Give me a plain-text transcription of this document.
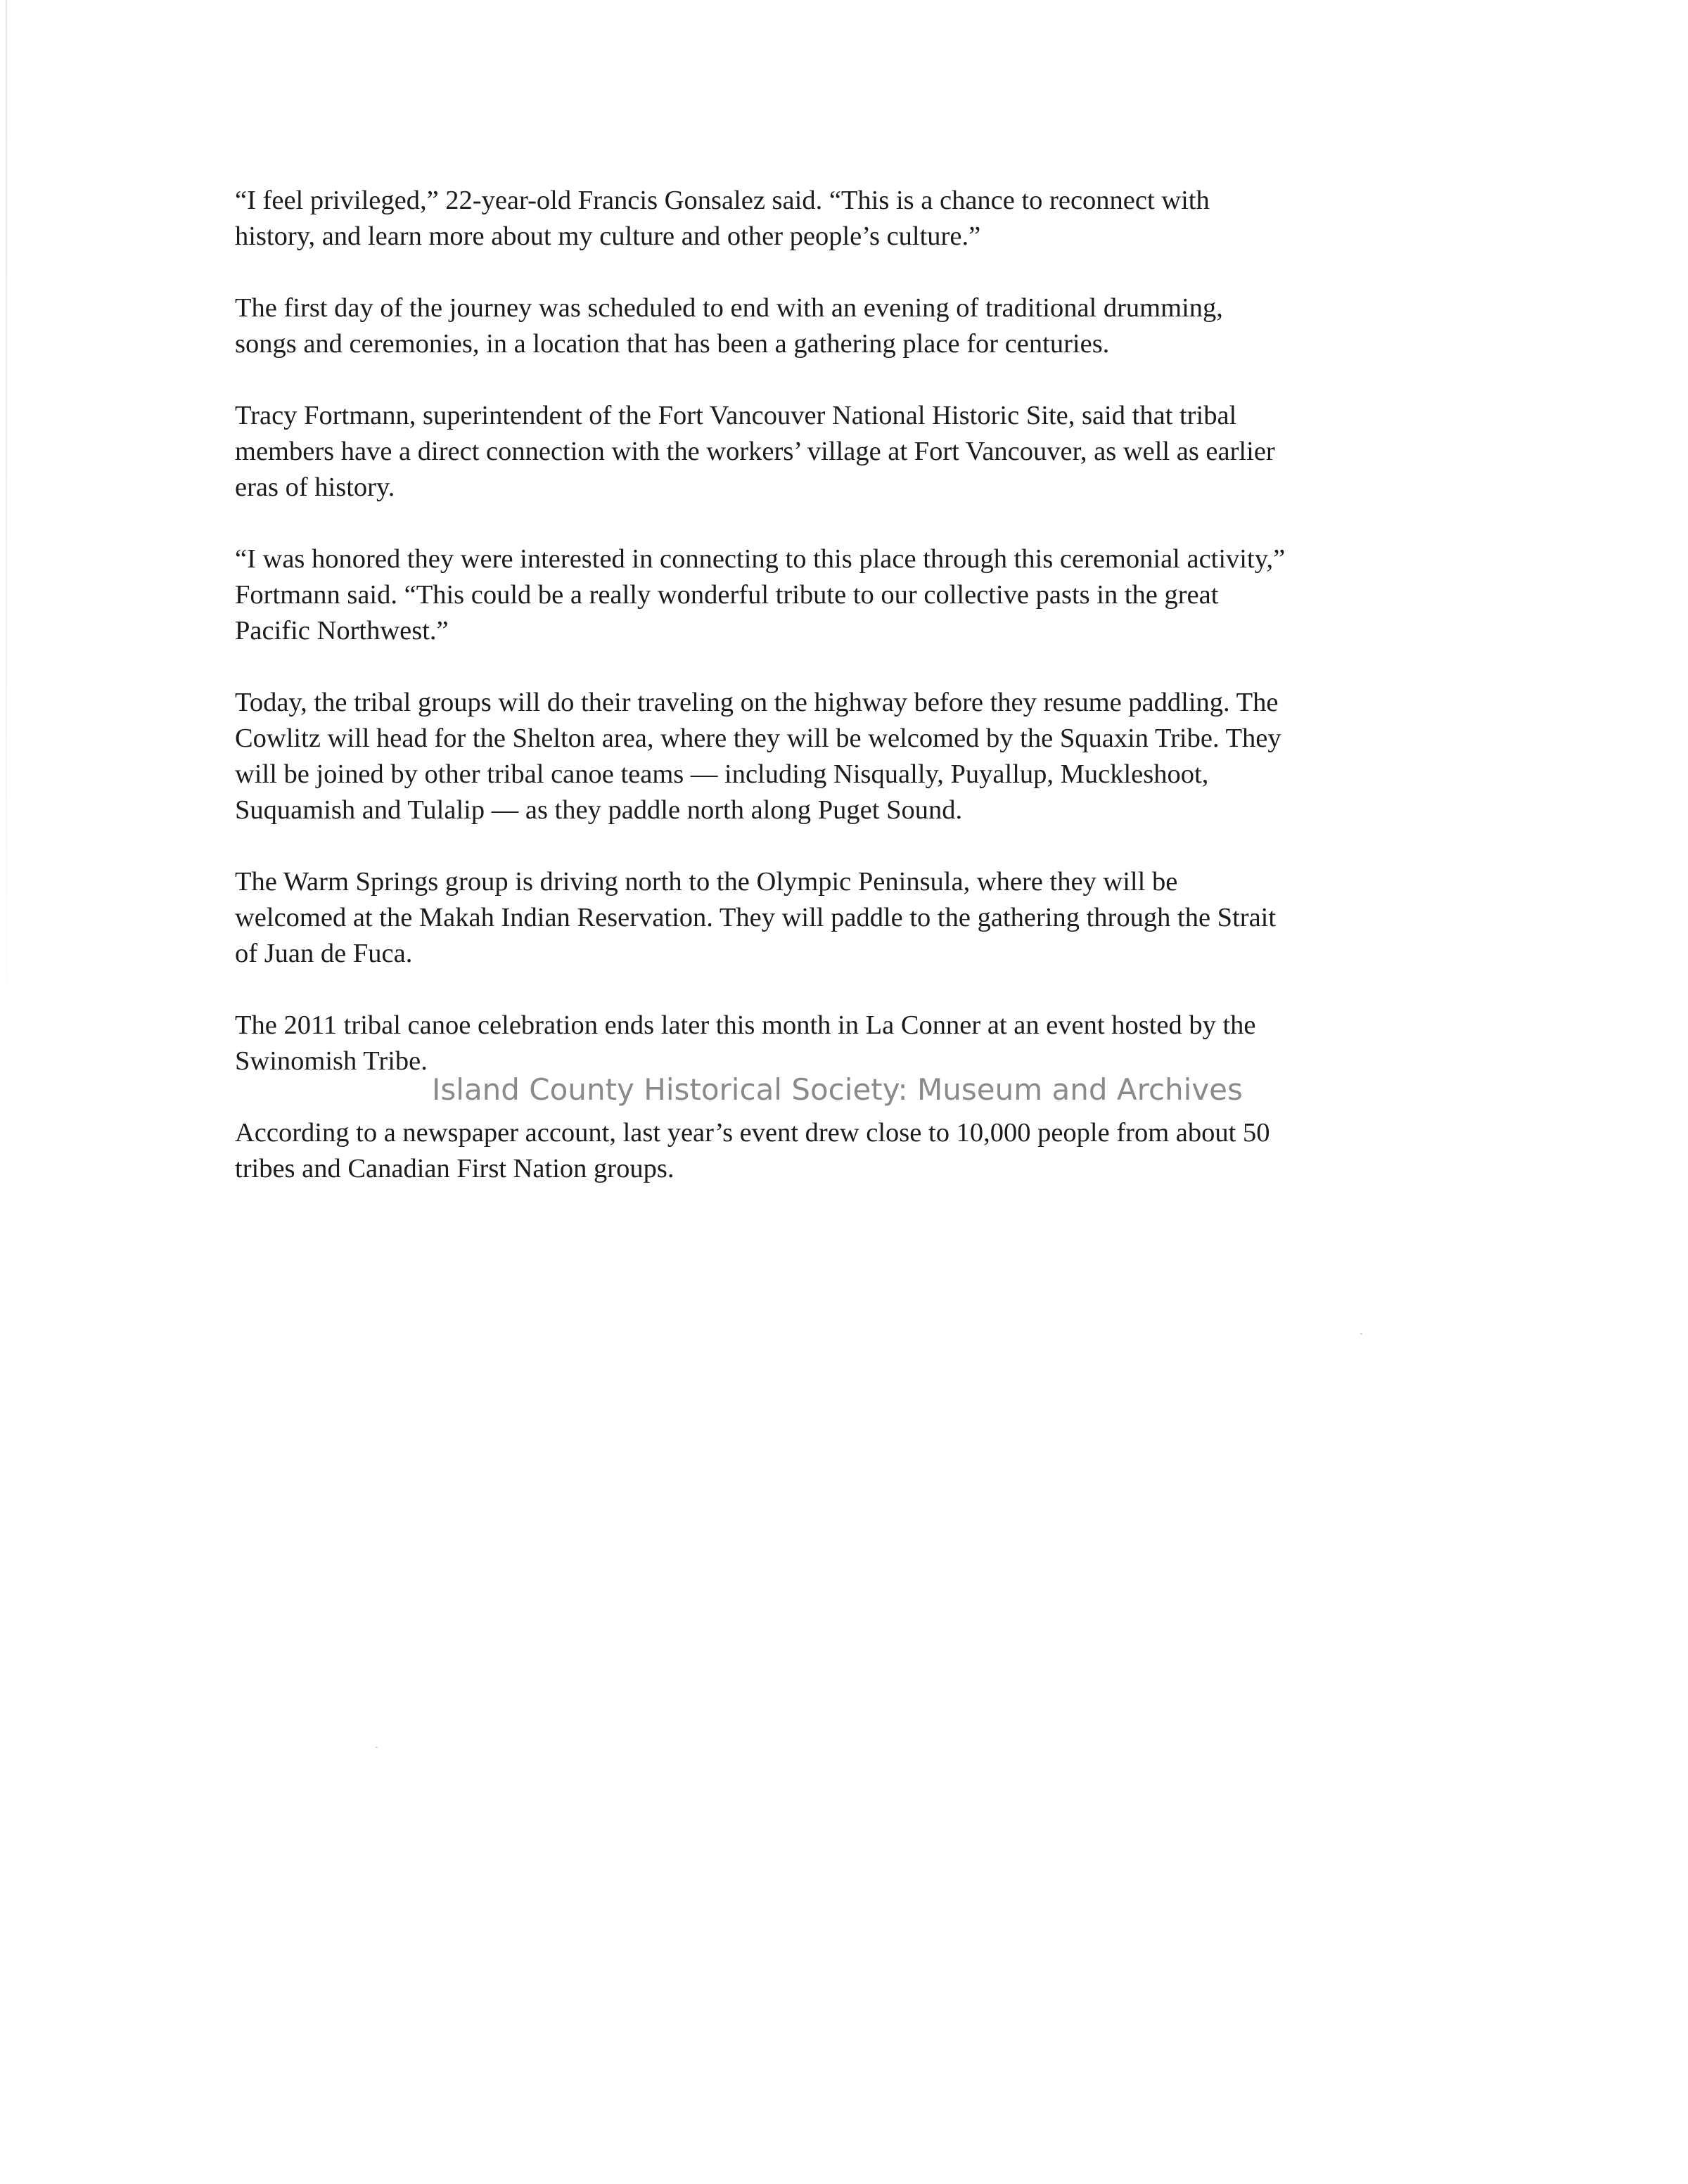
“I feel privileged,” 22-year-old Francis Gonsalez said. “This is a chance to reconnect with
history, and learn more about my culture and other people’s culture.”

The first day of the journey was scheduled to end with an evening of traditional drumming,
songs and ceremonies, in a location that has been a gathering place for centuries.

Tracy Fortmann, superintendent of the Fort Vancouver National Historic Site, said that tribal
members have a direct connection with the workers’ village at Fort Vancouver, as well as earlier
eras of history.

“I was honored they were interested in connecting to this place through this ceremonial activity,”
Fortmann said. “This could be a really wonderful tribute to our collective pasts in the great
Pacific Northwest.”

Today, the tribal groups will do their traveling on the highway before they resume paddling. The
Cowlitz will head for the Shelton area, where they will be welcomed by the Squaxin Tribe. They
will be joined by other tribal canoe teams — including Nisqually, Puyallup, Muckleshoot,
Suquamish and Tulalip — as they paddle north along Puget Sound.

The Warm Springs group is driving north to the Olympic Peninsula, where they will be
welcomed at the Makah Indian Reservation. They will paddle to the gathering through the Strait
of Juan de Fuca.

The 2011 tribal canoe celebration ends later this month in La Conner at an event hosted by the
Swinomish Tribe.

According to a newspaper account, last year’s event drew close to 10,000 people from about 50
tribes and Canadian First Nation groups.

Island County Historical Society: Museum and Archives
